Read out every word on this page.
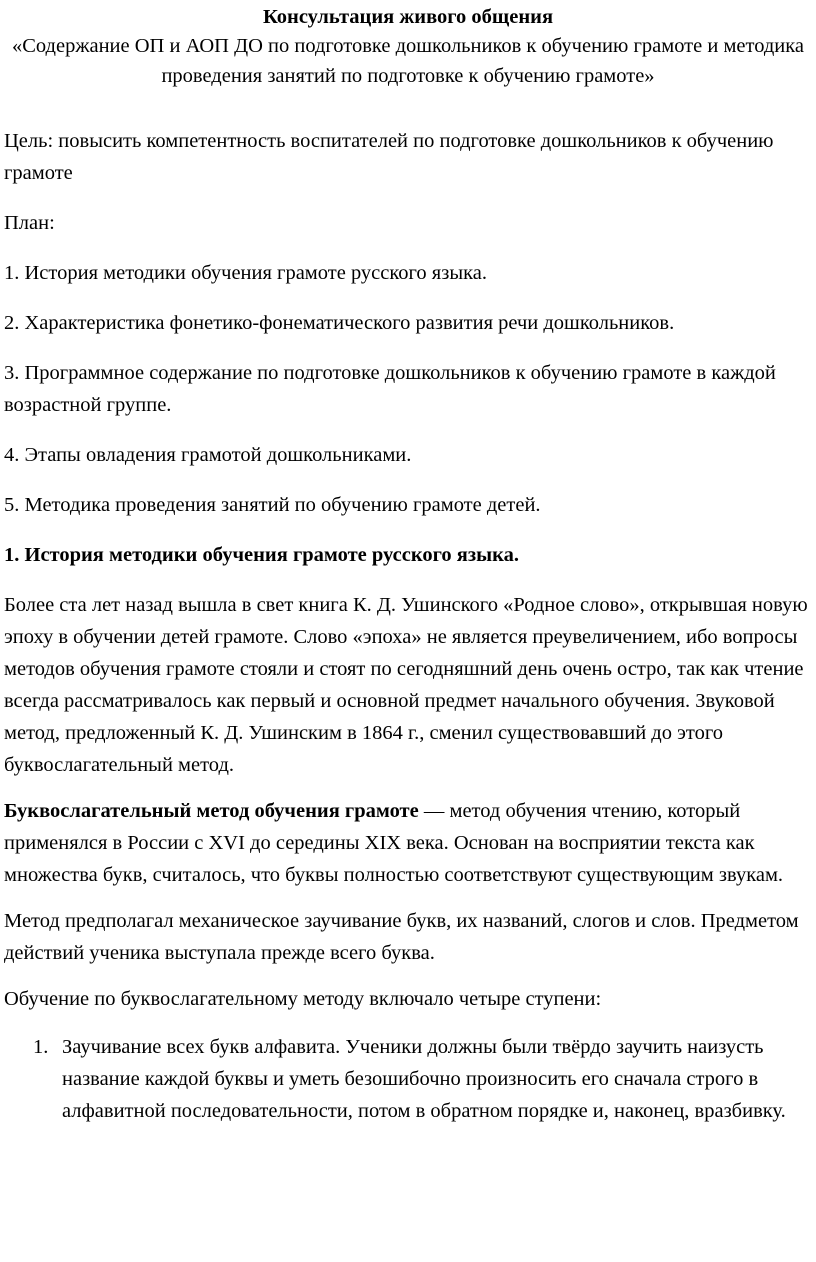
Консультация живого общения

«Содержание ОП и АОП ДО по подготовке дошкольников к обучению грамоте и методика проведения занятий по подготовке к обучению грамоте»

Цель: повысить компетентность воспитателей по подготовке дошкольников к обучению грамоте

План:

1. История методики обучения грамоте русского языка.

2. Характеристика фонетико-фонематического развития речи дошкольников.

3. Программное содержание по подготовке дошкольников к обучению грамоте в каждой возрастной группе.

4. Этапы овладения грамотой дошкольниками.

5. Методика проведения занятий по обучению грамоте детей.

1. История методики обучения грамоте русского языка.

Более ста лет назад вышла в свет книга К. Д. Ушинского «Родное слово», открывшая новую эпоху в обучении детей грамоте. Слово «эпоха» не является преувеличением, ибо вопросы методов обучения грамоте стояли и стоят по сегодняшний день очень остро, так как чтение всегда рассматривалось как первый и основной предмет начального обучения. Звуковой метод, предложенный К. Д. Ушинским в 1864 г., сменил существовавший до этого буквослагательный метод.

Буквослагательный метод обучения грамоте — метод обучения чтению, который применялся в России с XVI до середины XIX века. Основан на восприятии текста как множества букв, считалось, что буквы полностью соответствуют существующим звукам.

Метод предполагал механическое заучивание букв, их названий, слогов и слов. Предметом действий ученика выступала прежде всего буква.

Обучение по буквослагательному методу включало четыре ступени:

1. Заучивание всех букв алфавита. Ученики должны были твёрдо заучить наизусть название каждой буквы и уметь безошибочно произносить его сначала строго в алфавитной последовательности, потом в обратном порядке и, наконец, вразбивку.
